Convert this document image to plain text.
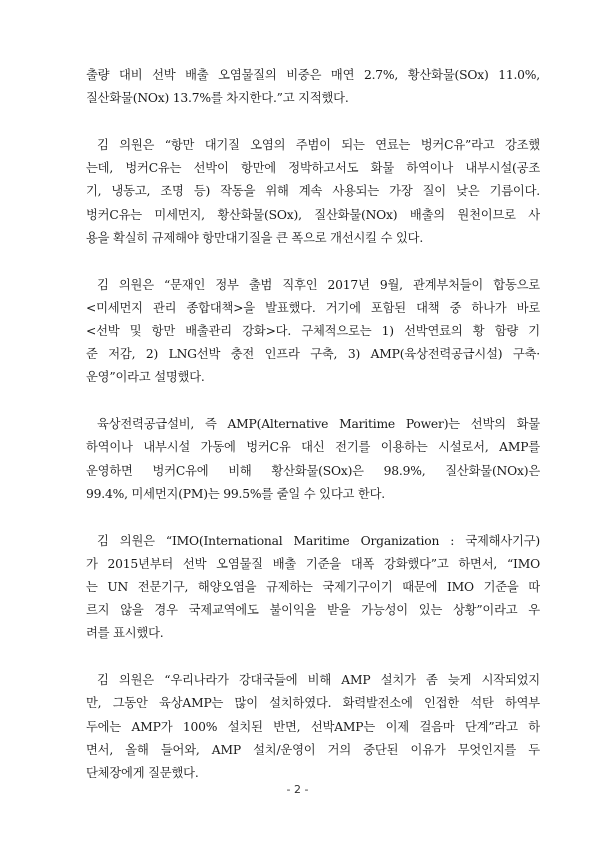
출량 대비 선박 배출 오염물질의 비중은 매연 2.7%, 황산화물(SOx) 11.0%,
질산화물(NOx) 13.7%를 차지한다.”고 지적했다.
김 의원은 “항만 대기질 오염의 주범이 되는 연료는 벙커C유”라고 강조했
는데, 벙커C유는 선박이 항만에 정박하고서도 화물 하역이나 내부시설(공조
기, 냉동고, 조명 등) 작동을 위해 계속 사용되는 가장 질이 낮은 기름이다.
벙커C유는 미세먼지, 황산화물(SOx), 질산화물(NOx) 배출의 원천이므로 사
용을 확실히 규제해야 항만대기질을 큰 폭으로 개선시킬 수 있다.
김 의원은 “문재인 정부 출범 직후인 2017년 9월, 관계부처들이 합동으로
<미세먼지 관리 종합대책>을 발표했다. 거기에 포함된 대책 중 하나가 바로
<선박 및 항만 배출관리 강화>다. 구체적으로는 1) 선박연료의 황 함량 기
준 저감, 2) LNG선박 충전 인프라 구축, 3) AMP(육상전력공급시설) 구축·
운영”이라고 설명했다.
육상전력공급설비, 즉 AMP(Alternative Maritime Power)는 선박의 화물
하역이나 내부시설 가동에 벙커C유 대신 전기를 이용하는 시설로서, AMP를
운영하면 벙커C유에 비해 황산화물(SOx)은 98.9%, 질산화물(NOx)은
99.4%, 미세먼지(PM)는 99.5%를 줄일 수 있다고 한다.
김 의원은 “IMO(International Maritime Organization : 국제해사기구)
가 2015년부터 선박 오염물질 배출 기준을 대폭 강화했다”고 하면서, “IMO
는 UN 전문기구, 해양오염을 규제하는 국제기구이기 때문에 IMO 기준을 따
르지 않을 경우 국제교역에도 불이익을 받을 가능성이 있는 상황”이라고 우
려를 표시했다.
김 의원은 “우리나라가 강대국들에 비해 AMP 설치가 좀 늦게 시작되었지
만, 그동안 육상AMP는 많이 설치하였다. 화력발전소에 인접한 석탄 하역부
두에는 AMP가 100% 설치된 반면, 선박AMP는 이제 걸음마 단계”라고 하
면서, 올해 들어와, AMP 설치/운영이 거의 중단된 이유가 무엇인지를 두
단체장에게 질문했다.
- 2 -
